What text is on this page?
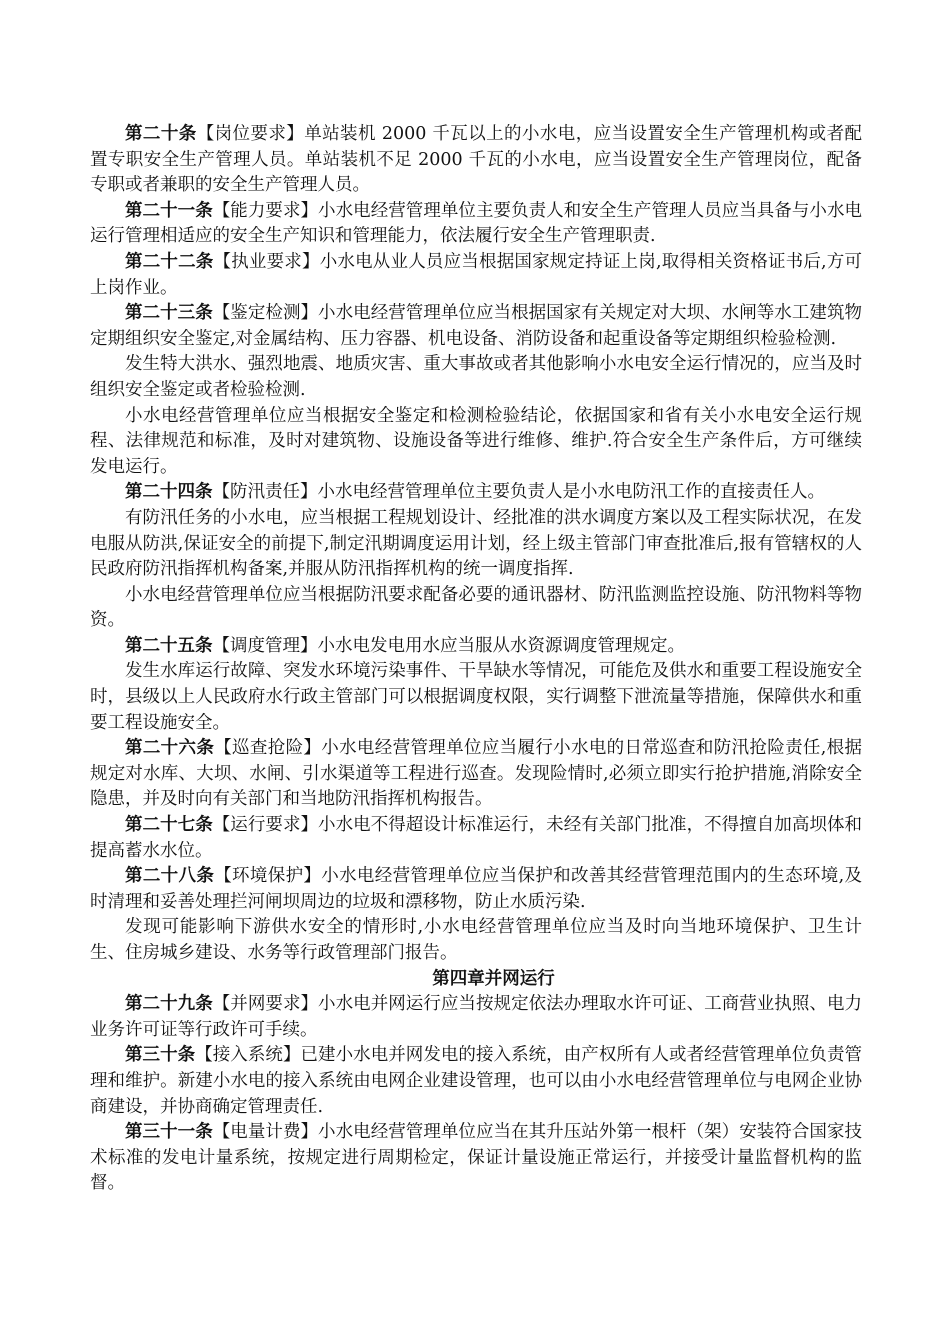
第二十条【岗位要求】单站装机 2000 千瓦以上的小水电，应当设置安全生产管理机构或者配置专职安全生产管理人员。单站装机不足 2000 千瓦的小水电，应当设置安全生产管理岗位，配备专职或者兼职的安全生产管理人员。

第二十一条【能力要求】小水电经营管理单位主要负责人和安全生产管理人员应当具备与小水电运行管理相适应的安全生产知识和管理能力，依法履行安全生产管理职责.

第二十二条【执业要求】小水电从业人员应当根据国家规定持证上岗,取得相关资格证书后,方可上岗作业。

第二十三条【鉴定检测】小水电经营管理单位应当根据国家有关规定对大坝、水闸等水工建筑物定期组织安全鉴定,对金属结构、压力容器、机电设备、消防设备和起重设备等定期组织检验检测.

发生特大洪水、强烈地震、地质灾害、重大事故或者其他影响小水电安全运行情况的，应当及时组织安全鉴定或者检验检测.

小水电经营管理单位应当根据安全鉴定和检测检验结论，依据国家和省有关小水电安全运行规程、法律规范和标准，及时对建筑物、设施设备等进行维修、维护.符合安全生产条件后，方可继续发电运行。

第二十四条【防汛责任】小水电经营管理单位主要负责人是小水电防汛工作的直接责任人。

有防汛任务的小水电，应当根据工程规划设计、经批准的洪水调度方案以及工程实际状况，在发电服从防洪,保证安全的前提下,制定汛期调度运用计划，经上级主管部门审查批准后,报有管辖权的人民政府防汛指挥机构备案,并服从防汛指挥机构的统一调度指挥.

小水电经营管理单位应当根据防汛要求配备必要的通讯器材、防汛监测监控设施、防汛物料等物资。

第二十五条【调度管理】小水电发电用水应当服从水资源调度管理规定。

发生水库运行故障、突发水环境污染事件、干旱缺水等情况，可能危及供水和重要工程设施安全时，县级以上人民政府水行政主管部门可以根据调度权限，实行调整下泄流量等措施，保障供水和重要工程设施安全。

第二十六条【巡查抢险】小水电经营管理单位应当履行小水电的日常巡查和防汛抢险责任,根据规定对水库、大坝、水闸、引水渠道等工程进行巡查。发现险情时,必须立即实行抢护措施,消除安全隐患，并及时向有关部门和当地防汛指挥机构报告。

第二十七条【运行要求】小水电不得超设计标准运行，未经有关部门批准，不得擅自加高坝体和提高蓄水水位。

第二十八条【环境保护】小水电经营管理单位应当保护和改善其经营管理范围内的生态环境,及时清理和妥善处理拦河闸坝周边的垃圾和漂移物，防止水质污染.

发现可能影响下游供水安全的情形时,小水电经营管理单位应当及时向当地环境保护、卫生计生、住房城乡建设、水务等行政管理部门报告。

第四章并网运行

第二十九条【并网要求】小水电并网运行应当按规定依法办理取水许可证、工商营业执照、电力业务许可证等行政许可手续。

第三十条【接入系统】已建小水电并网发电的接入系统，由产权所有人或者经营管理单位负责管理和维护。新建小水电的接入系统由电网企业建设管理，也可以由小水电经营管理单位与电网企业协商建设，并协商确定管理责任.

第三十一条【电量计费】小水电经营管理单位应当在其升压站外第一根杆（架）安装符合国家技术标准的发电计量系统，按规定进行周期检定，保证计量设施正常运行，并接受计量监督机构的监督。
